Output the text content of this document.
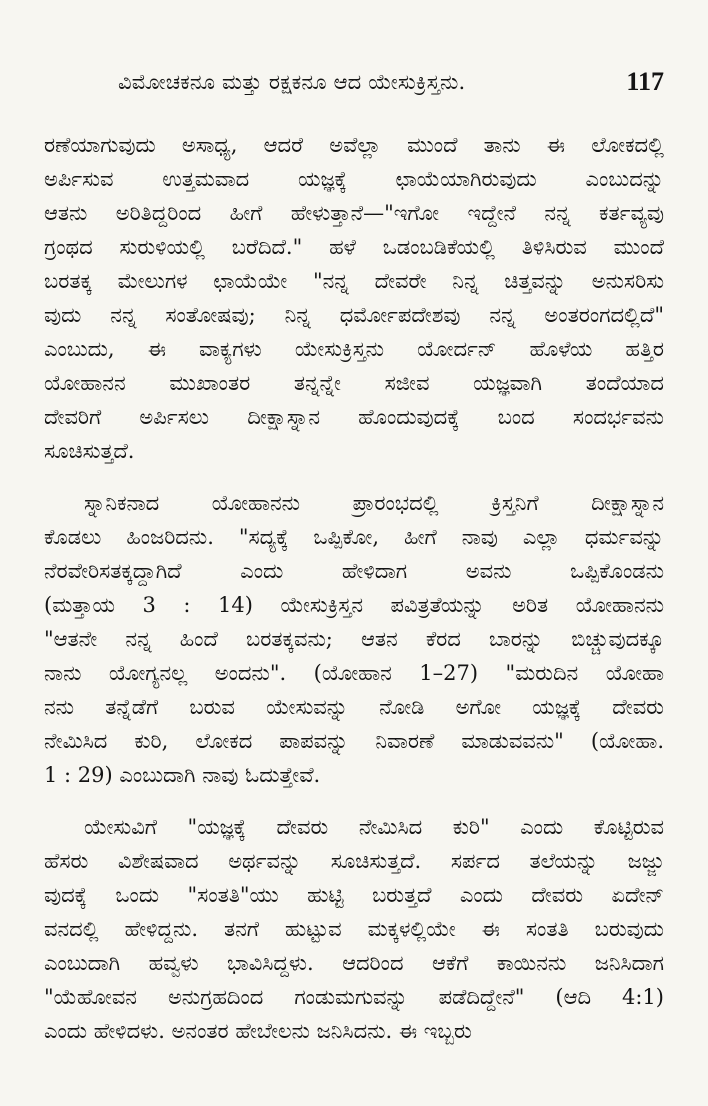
ವಿಮೋಚಕನೂ ಮತ್ತು ರಕ್ಷಕನೂ ಆದ ಯೇಸುಕ್ರಿಸ್ತನು.	117
ರಣೆಯಾಗುವುದು ಅಸಾಧ್ಯ, ಆದರೆ ಅವೆಲ್ಲಾ ಮುಂದೆ ತಾನು ಈ ಲೋಕದಲ್ಲಿ
ಅರ್ಪಿಸುವ ಉತ್ತಮವಾದ ಯಜ್ಞಕ್ಕೆ ಛಾಯೆಯಾಗಿರುವುದು ಎಂಬುದನ್ನು
ಆತನು ಅರಿತಿದ್ದರಿಂದ ಹೀಗೆ ಹೇಳುತ್ತಾನೆ—"ಇಗೋ ಇದ್ದೇನೆ ನನ್ನ ಕರ್ತವ್ಯವು
ಗ್ರಂಥದ ಸುರುಳಿಯಲ್ಲಿ ಬರೆದಿದೆ." ಹಳೆ ಒಡಂಬಡಿಕೆಯಲ್ಲಿ ತಿಳಿಸಿರುವ ಮುಂದೆ
ಬರತಕ್ಕ ಮೇಲುಗಳ ಛಾಯೆಯೇ "ನನ್ನ ದೇವರೇ ನಿನ್ನ ಚಿತ್ತವನ್ನು ಅನುಸರಿಸು
ವುದು ನನ್ನ ಸಂತೋಷವು; ನಿನ್ನ ಧರ್ಮೋಪದೇಶವು ನನ್ನ ಅಂತರಂಗದಲ್ಲಿದೆ"
ಎಂಬುದು, ಈ ವಾಕ್ಯಗಳು ಯೇಸುಕ್ರಿಸ್ತನು ಯೋರ್ದನ್ ಹೊಳೆಯ ಹತ್ತಿರ
ಯೋಹಾನನ ಮುಖಾಂತರ ತನ್ನನ್ನೇ ಸಜೀವ ಯಜ್ಞವಾಗಿ ತಂದೆಯಾದ
ದೇವರಿಗೆ ಅರ್ಪಿಸಲು ದೀಕ್ಷಾಸ್ನಾನ ಹೊಂದುವುದಕ್ಕೆ ಬಂದ ಸಂದರ್ಭವನು
ಸೂಚಿಸುತ್ತದೆ.
ಸ್ನಾನಿಕನಾದ ಯೋಹಾನನು ಪ್ರಾರಂಭದಲ್ಲಿ ಕ್ರಿಸ್ತನಿಗೆ ದೀಕ್ಷಾಸ್ನಾನ
ಕೊಡಲು ಹಿಂಜರಿದನು. "ಸದ್ಯಕ್ಕೆ ಒಪ್ಪಿಕೋ, ಹೀಗೆ ನಾವು ಎಲ್ಲಾ ಧರ್ಮವನ್ನು
ನೆರವೇರಿಸತಕ್ಕದ್ದಾಗಿದೆ ಎಂದು ಹೇಳಿದಾಗ ಅವನು ಒಪ್ಪಿಕೊಂಡನು
(ಮತ್ತಾಯ 3 : 14) ಯೇಸುಕ್ರಿಸ್ತನ ಪವಿತ್ರತೆಯನ್ನು ಅರಿತ ಯೋಹಾನನು
"ಆತನೇ ನನ್ನ ಹಿಂದೆ ಬರತಕ್ಕವನು; ಆತನ ಕೆರದ ಬಾರನ್ನು ಬಿಚ್ಚುವುದಕ್ಕೂ
ನಾನು ಯೋಗ್ಯನಲ್ಲ ಅಂದನು". (ಯೋಹಾನ 1–27) "ಮರುದಿನ ಯೋಹಾ
ನನು ತನ್ನೆಡೆಗೆ ಬರುವ ಯೇಸುವನ್ನು ನೋಡಿ ಅಗೋ ಯಜ್ಞಕ್ಕೆ ದೇವರು
ನೇಮಿಸಿದ ಕುರಿ, ಲೋಕದ ಪಾಪವನ್ನು ನಿವಾರಣೆ ಮಾಡುವವನು" (ಯೋಹಾ.
1 : 29) ಎಂಬುದಾಗಿ ನಾವು ಓದುತ್ತೇವೆ.
ಯೇಸುವಿಗೆ "ಯಜ್ಞಕ್ಕೆ ದೇವರು ನೇಮಿಸಿದ ಕುರಿ" ಎಂದು ಕೊಟ್ಟಿರುವ
ಹೆಸರು ವಿಶೇಷವಾದ ಅರ್ಥವನ್ನು ಸೂಚಿಸುತ್ತದೆ. ಸರ್ಪದ ತಲೆಯನ್ನು ಜಜ್ಜು
ವುದಕ್ಕೆ ಒಂದು "ಸಂತತಿ"ಯು ಹುಟ್ಟಿ ಬರುತ್ತದೆ ಎಂದು ದೇವರು ಏದೇನ್
ವನದಲ್ಲಿ ಹೇಳಿದ್ದನು. ತನಗೆ ಹುಟ್ಟುವ ಮಕ್ಕಳಲ್ಲಿಯೇ ಈ ಸಂತತಿ ಬರುವುದು
ಎಂಬುದಾಗಿ ಹವ್ವಳು ಭಾವಿಸಿದ್ದಳು. ಆದರಿಂದ ಆಕೆಗೆ ಕಾಯಿನನು ಜನಿಸಿದಾಗ
"ಯೆಹೋವನ ಅನುಗ್ರಹದಿಂದ ಗಂಡುಮಗುವನ್ನು ಪಡೆದಿದ್ದೇನೆ" (ಆದಿ 4:1)
ಎಂದು ಹೇಳಿದಳು. ಅನಂತರ ಹೇಬೇಲನು ಜನಿಸಿದನು. ಈ ಇಬ್ಬರು
